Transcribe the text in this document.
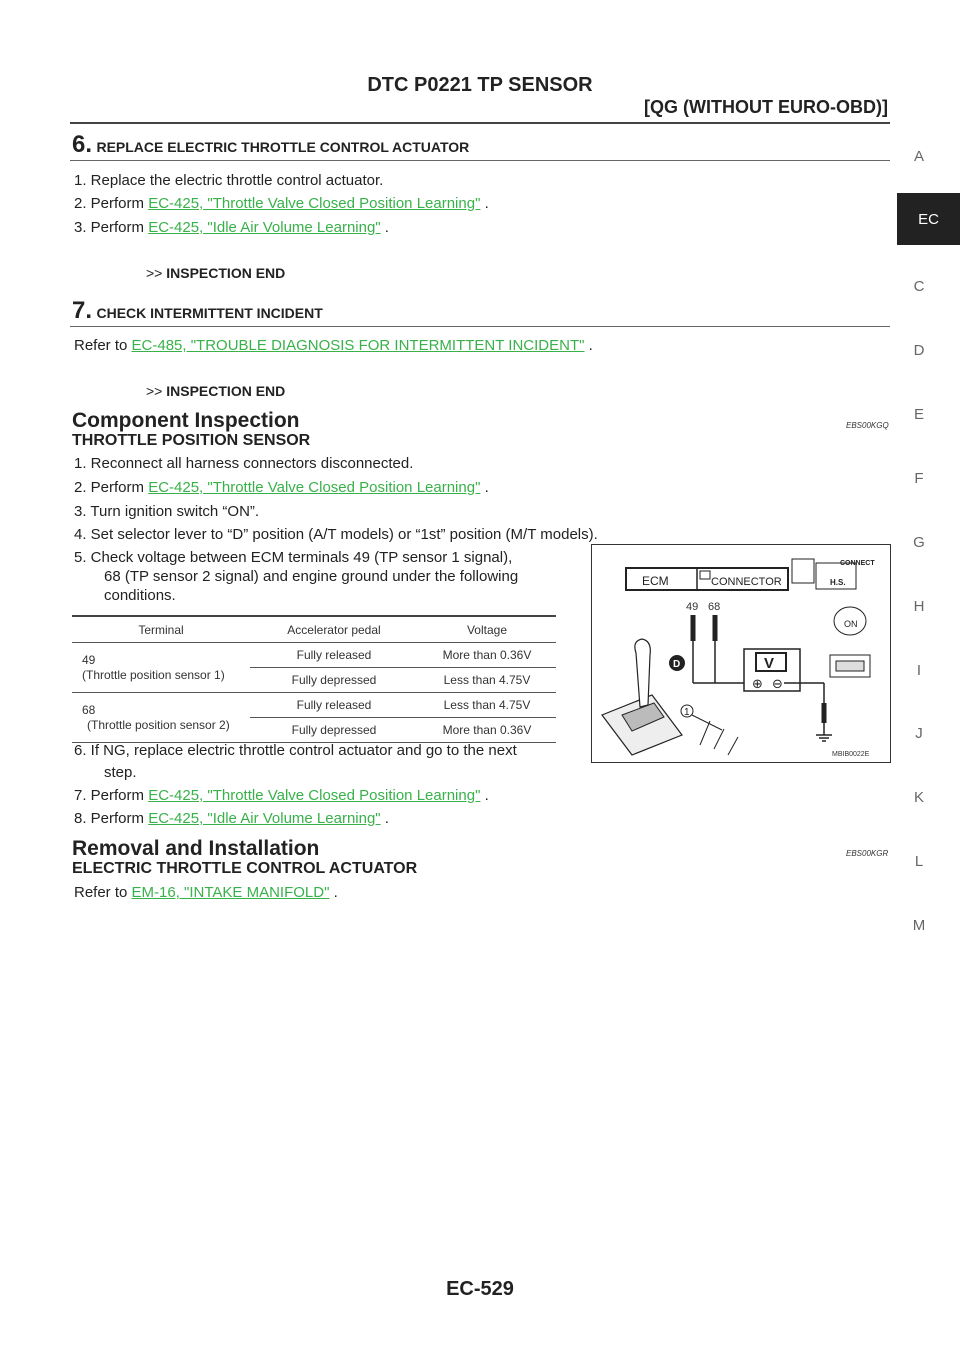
DTC P0221 TP SENSOR
[QG (WITHOUT EURO-OBD)]
A
EC
C
D
E
F
G
H
I
J
K
L
M
6. REPLACE ELECTRIC THROTTLE CONTROL ACTUATOR
1. Replace the electric throttle control actuator.
2. Perform EC-425, "Throttle Valve Closed Position Learning" .
3. Perform EC-425, "Idle Air Volume Learning" .
>> INSPECTION END
7. CHECK INTERMITTENT INCIDENT
Refer to EC-485, "TROUBLE DIAGNOSIS FOR INTERMITTENT INCIDENT" .
>> INSPECTION END
Component Inspection	EBS00KGQ
THROTTLE POSITION SENSOR
1. Reconnect all harness connectors disconnected.
2. Perform EC-425, "Throttle Valve Closed Position Learning" .
3. Turn ignition switch “ON”.
4. Set selector lever to “D” position (A/T models) or “1st” position (M/T models).
5. Check voltage between ECM terminals 49 (TP sensor 1 signal),
68 (TP sensor 2 signal) and engine ground under the following
conditions.
Terminal	Accelerator pedal	Voltage
49
(Throttle position sensor 1)	Fully released	More than 0.36V
	Fully depressed	Less than 4.75V
68
(Throttle position sensor 2)	Fully released	Less than 4.75V
	Fully depressed	More than 0.36V
ECM	CONNECTOR
49 68
V
⊕ ⊖
D
1
CONNECT
H.S.
ON
MBIB0022E
6. If NG, replace electric throttle control actuator and go to the next
step.
7. Perform EC-425, "Throttle Valve Closed Position Learning" .
8. Perform EC-425, "Idle Air Volume Learning" .
Removal and Installation	EBS00KGR
ELECTRIC THROTTLE CONTROL ACTUATOR
Refer to EM-16, "INTAKE MANIFOLD" .
EC-529
